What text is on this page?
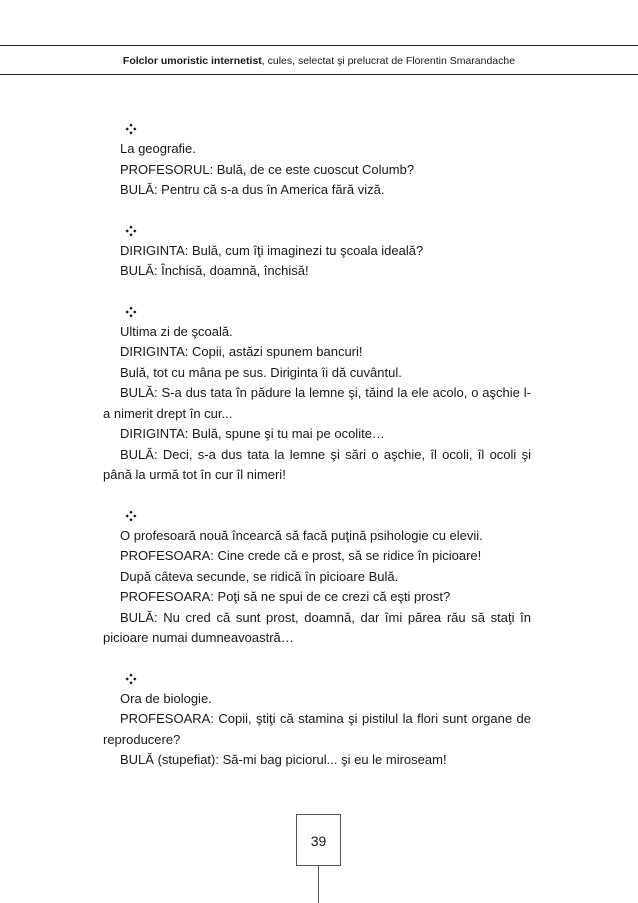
Folclor umoristic internetist, cules, selectat şi prelucrat de Florentin Smarandache

La geografie.

PROFESORUL: Bulă, de ce este cuoscut Columb?

BULĂ: Pentru că s-a dus în America fără viză.

DIRIGINTA: Bulă, cum îţi imaginezi tu şcoala ideală?

BULĂ: Închisă, doamnă, închisă!

Ultima zi de şcoală.

DIRIGINTA: Copii, astăzi spunem bancuri!

Bulă, tot cu mâna pe sus. Diriginta îi dă cuvântul.

BULĂ: S-a dus tata în pădure la lemne şi, tăind la ele acolo, o aşchie l-a nimerit drept în cur...

DIRIGINTA: Bulă, spune şi tu mai pe ocolite…

BULĂ: Deci, s-a dus tata la lemne şi sări o aşchie, îl ocoli, îl ocoli şi până la urmă tot în cur îl nimeri!

O profesoară nouă încearcă să facă puţină psihologie cu elevii.

PROFESOARA: Cine crede că e prost, să se ridice în picioare!

După câteva secunde, se ridică în picioare Bulă.

PROFESOARA: Poţi să ne spui de ce crezi că eşti prost?

BULĂ: Nu cred că sunt prost, doamnă, dar îmi părea rău să staţi în picioare numai dumneavoastră…

Ora de biologie.

PROFESOARA: Copii, ştiţi că stamina şi pistilul la flori sunt organe de reproducere?

BULĂ (stupefiat): Să-mi bag piciorul... şi eu le miroseam!

39
